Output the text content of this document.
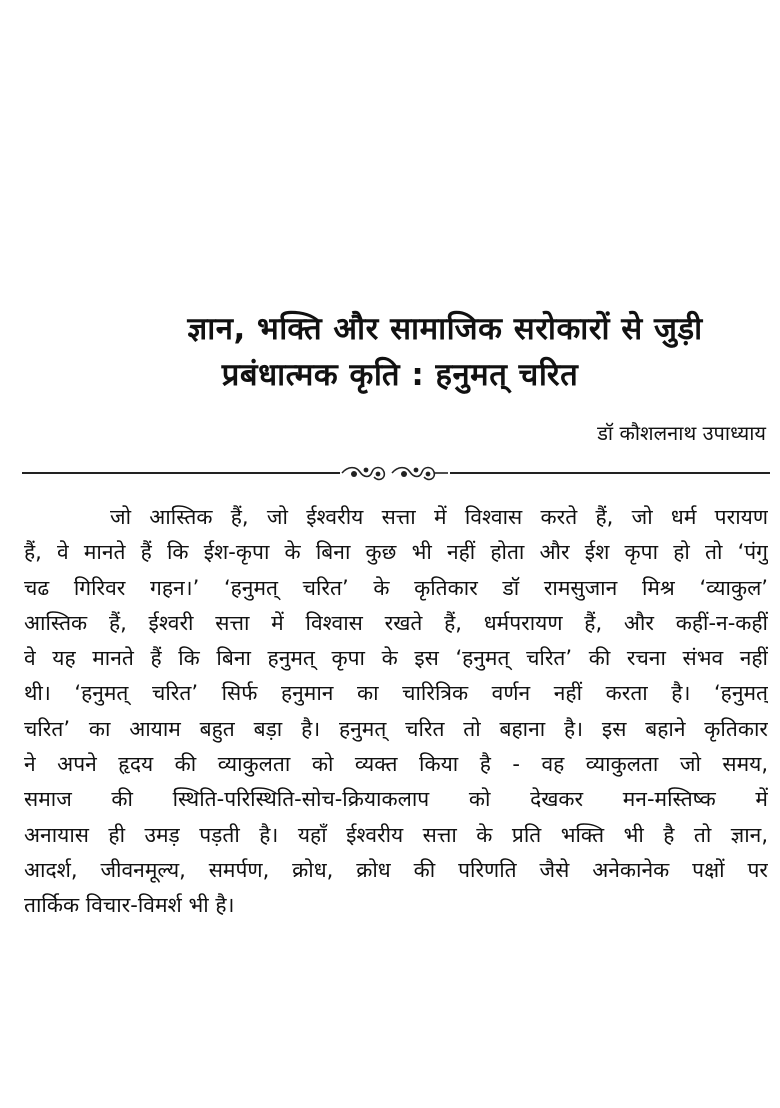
ज्ञान, भक्ति और सामाजिक सरोकारों से जुड़ी
प्रबंधात्मक कृति : हनुमत् चरित
डॉ कौशलनाथ उपाध्याय
जो आस्तिक हैं, जो ईश्वरीय सत्ता में विश्वास करते हैं, जो धर्म परायण
हैं, वे मानते हैं कि ईश-कृपा के बिना कुछ भी नहीं होता और ईश कृपा हो तो ‘पंगु
चढ गिरिवर गहन।’ ‘हनुमत् चरित’ के कृतिकार डॉ रामसुजान मिश्र ‘व्याकुल’
आस्तिक हैं, ईश्वरी सत्ता में विश्वास रखते हैं, धर्मपरायण हैं, और कहीं-न-कहीं
वे यह मानते हैं कि बिना हनुमत् कृपा के इस ‘हनुमत् चरित’ की रचना संभव नहीं
थी। ‘हनुमत् चरित’ सिर्फ हनुमान का चारित्रिक वर्णन नहीं करता है। ‘हनुमत्
चरित’ का आयाम बहुत बड़ा है। हनुमत् चरित तो बहाना है। इस बहाने कृतिकार
ने अपने हृदय की व्याकुलता को व्यक्त किया है - वह व्याकुलता जो समय,
समाज की स्थिति-परिस्थिति-सोच-क्रियाकलाप को देखकर मन-मस्तिष्क में
अनायास ही उमड़ पड़ती है। यहाँ ईश्वरीय सत्ता के प्रति भक्ति भी है तो ज्ञान,
आदर्श, जीवनमूल्य, समर्पण, क्रोध, क्रोध की परिणति जैसे अनेकानेक पक्षों पर
तार्किक विचार-विमर्श भी है।
